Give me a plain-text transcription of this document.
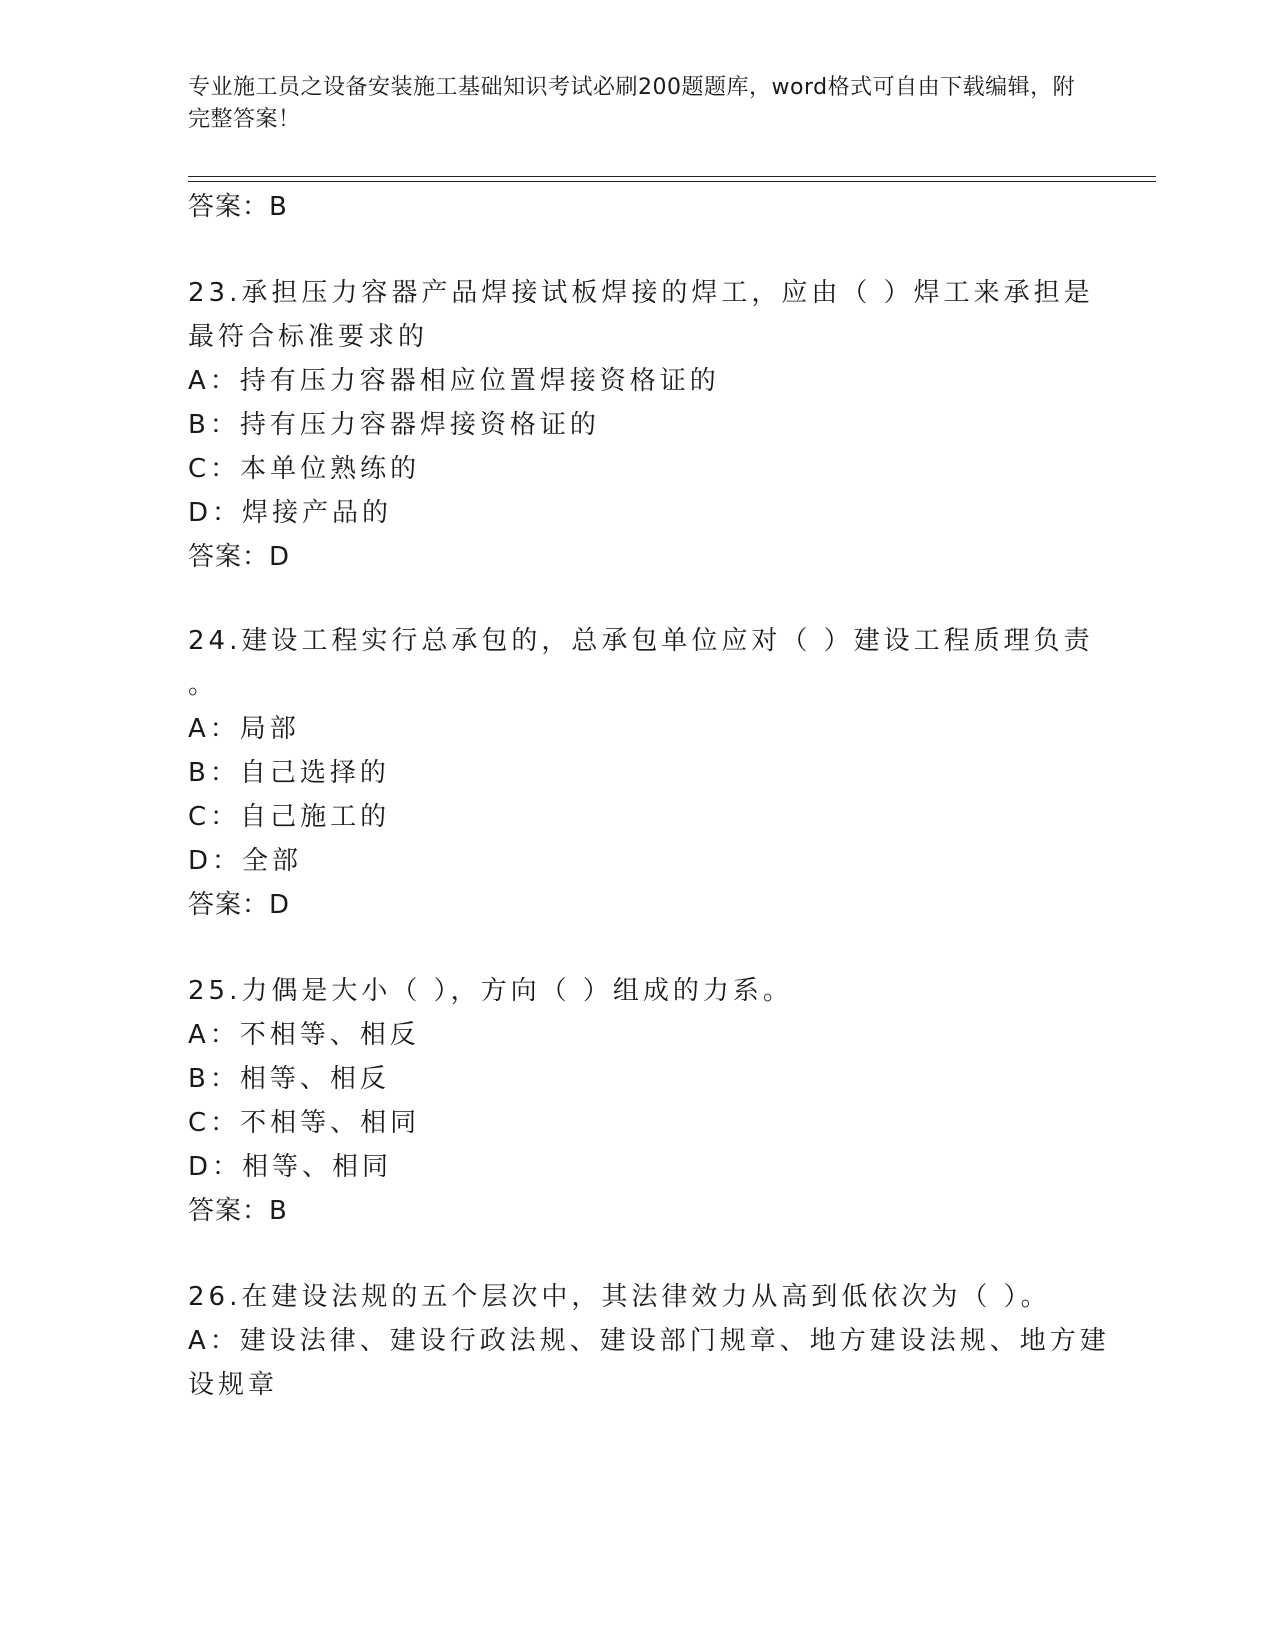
专业施工员之设备安装施工基础知识考试必刷200题题库，word格式可自由下载编辑，附完整答案！
答案：B
23.承担压力容器产品焊接试板焊接的焊工，应由（ ）焊工来承担是
最符合标准要求的
A：持有压力容器相应位置焊接资格证的
B：持有压力容器焊接资格证的
C：本单位熟练的
D：焊接产品的
答案：D
24.建设工程实行总承包的，总承包单位应对（ ）建设工程质理负责
。
A：局部
B：自己选择的
C：自己施工的
D：全部
答案：D
25.力偶是大小（ ），方向（ ）组成的力系。
A：不相等、相反
B：相等、相反
C：不相等、相同
D：相等、相同
答案：B
26.在建设法规的五个层次中，其法律效力从高到低依次为（ ）。
A：建设法律、建设行政法规、建设部门规章、地方建设法规、地方建
设规章
